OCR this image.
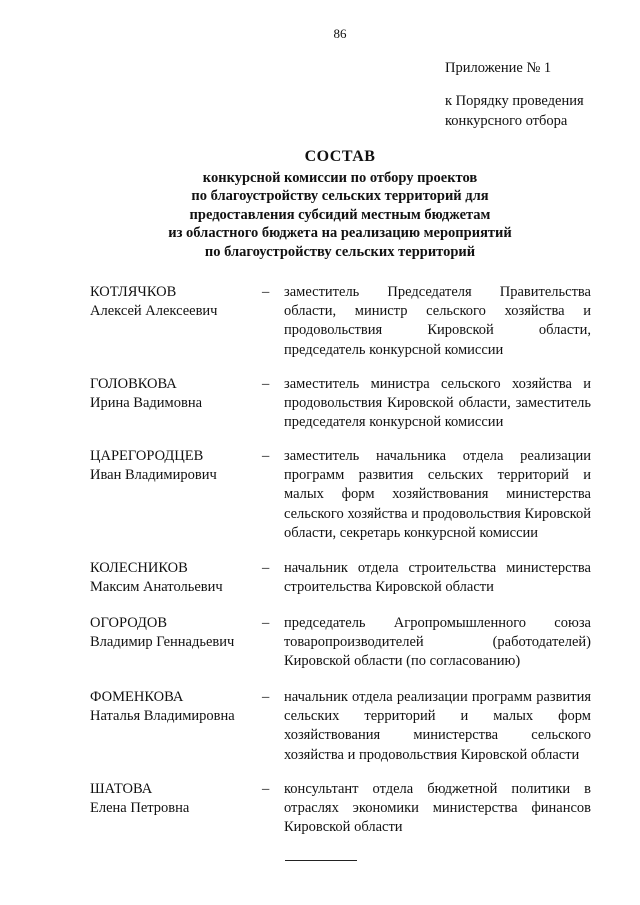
86
Приложение № 1
к Порядку проведения
конкурсного отбора
СОСТАВ
конкурсной комиссии по отбору проектов
по благоустройству сельских территорий для
предоставления субсидий местным бюджетам
из областного бюджета на реализацию мероприятий
по благоустройству сельских территорий
КОТЛЯЧКОВ
Алексей Алексеевич
– заместитель Председателя Правительства области, министр сельского хозяйства и продовольствия Кировской области, председатель конкурсной комиссии
ГОЛОВКОВА
Ирина Вадимовна
– заместитель министра сельского хозяйства и продовольствия Кировской области, заместитель председателя конкурсной комиссии
ЦАРЕГОРОДЦЕВ
Иван Владимирович
– заместитель начальника отдела реализации программ развития сельских территорий и малых форм хозяйствования министерства сельского хозяйства и продовольствия Кировской области, секретарь конкурсной комиссии
КОЛЕСНИКОВ
Максим Анатольевич
– начальник отдела строительства министерства строительства Кировской области
ОГОРОДОВ
Владимир Геннадьевич
– председатель Агропромышленного союза товаропроизводителей (работодателей) Кировской области (по согласованию)
ФОМЕНКОВА
Наталья Владимировна
– начальник отдела реализации программ развития сельских территорий и малых форм хозяйствования министерства сельского хозяйства и продовольствия Кировской области
ШАТОВА
Елена Петровна
– консультант отдела бюджетной политики в отраслях экономики министерства финансов Кировской области
